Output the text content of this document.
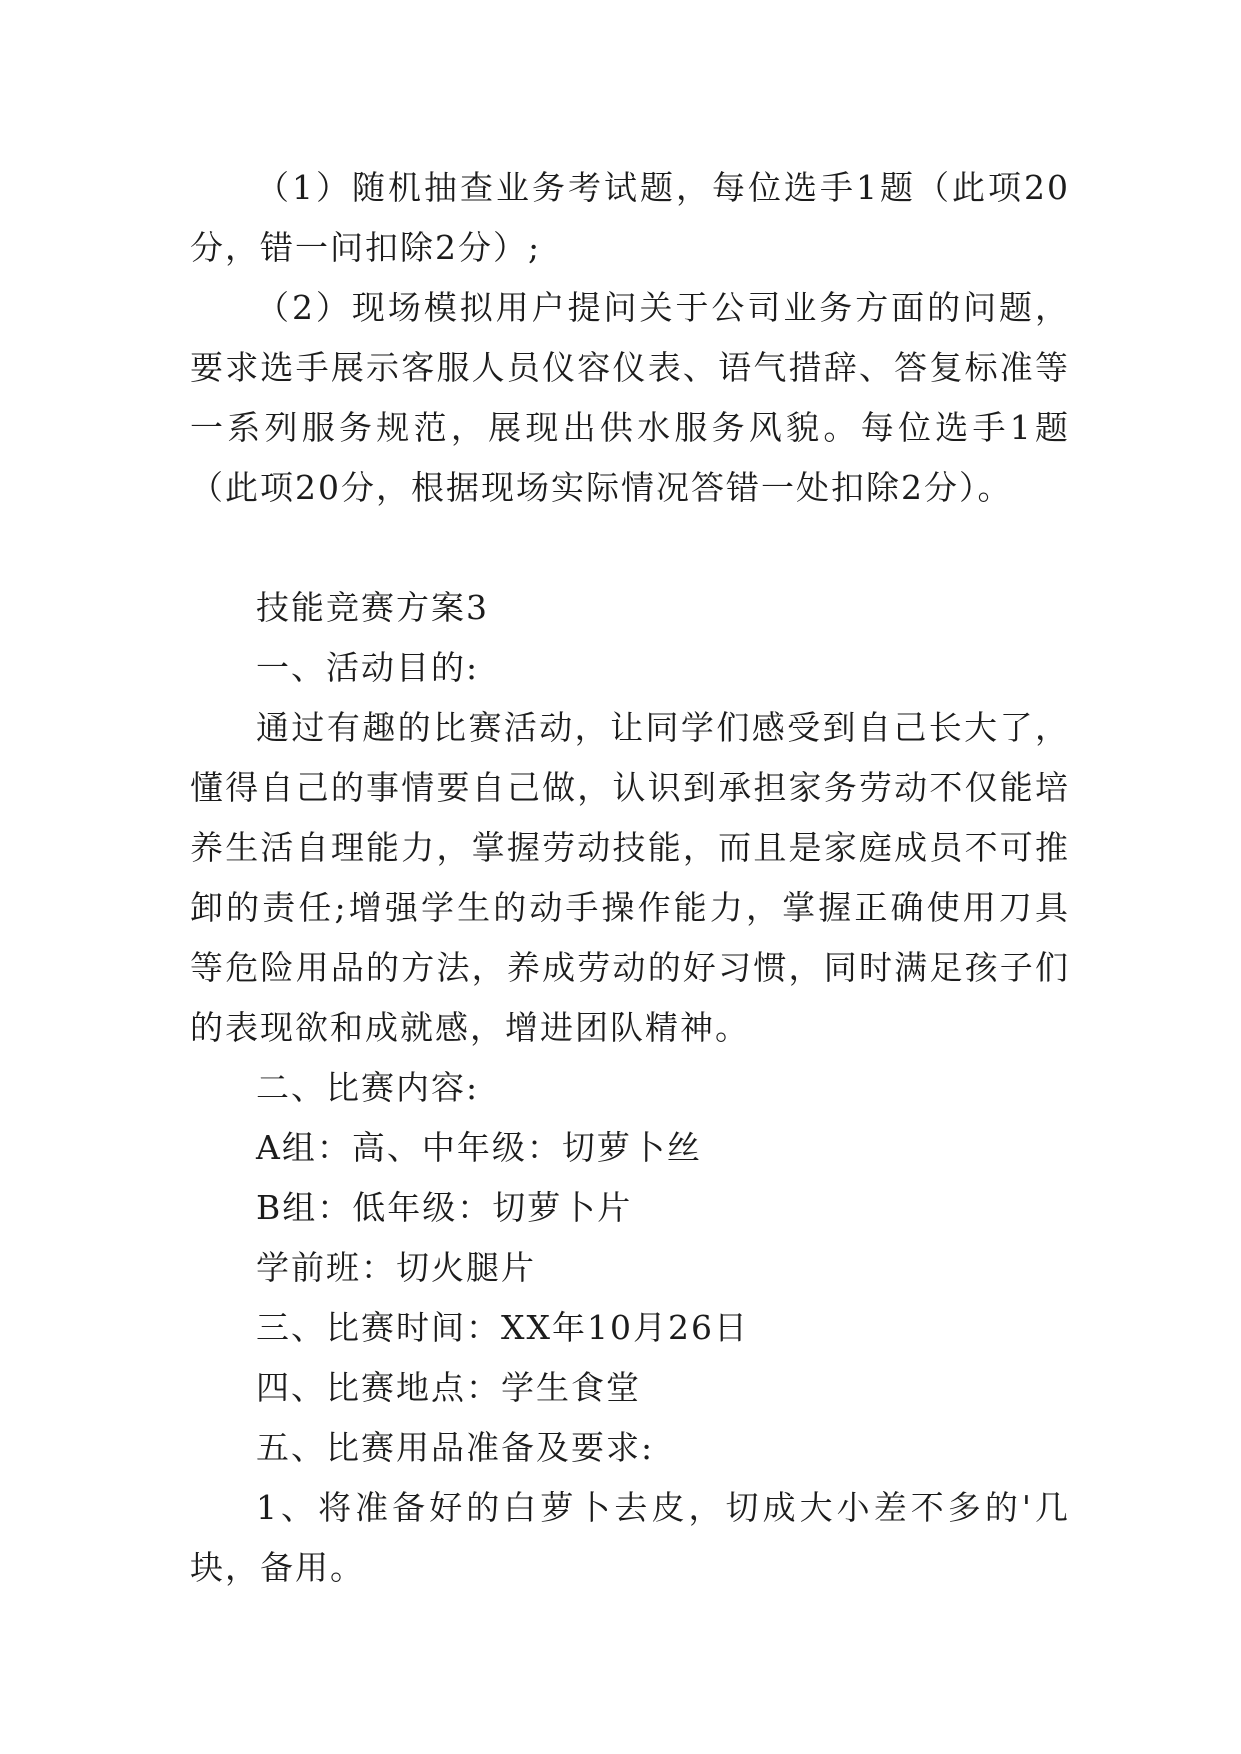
（1）随机抽查业务考试题，每位选手1题（此项20分，错一问扣除2分）;

（2）现场模拟用户提问关于公司业务方面的问题，要求选手展示客服人员仪容仪表、语气措辞、答复标准等一系列服务规范，展现出供水服务风貌。每位选手1题（此项20分，根据现场实际情况答错一处扣除2分）。

技能竞赛方案3

一、活动目的:

通过有趣的比赛活动，让同学们感受到自己长大了，懂得自己的事情要自己做，认识到承担家务劳动不仅能培养生活自理能力，掌握劳动技能，而且是家庭成员不可推卸的责任;增强学生的动手操作能力，掌握正确使用刀具等危险用品的方法，养成劳动的好习惯，同时满足孩子们的表现欲和成就感，增进团队精神。

二、比赛内容:

A组：高、中年级：切萝卜丝

B组：低年级：切萝卜片

学前班：切火腿片

三、比赛时间：XX年10月26日

四、比赛地点：学生食堂

五、比赛用品准备及要求:

1、将准备好的白萝卜去皮，切成大小差不多的'几块，备用。
